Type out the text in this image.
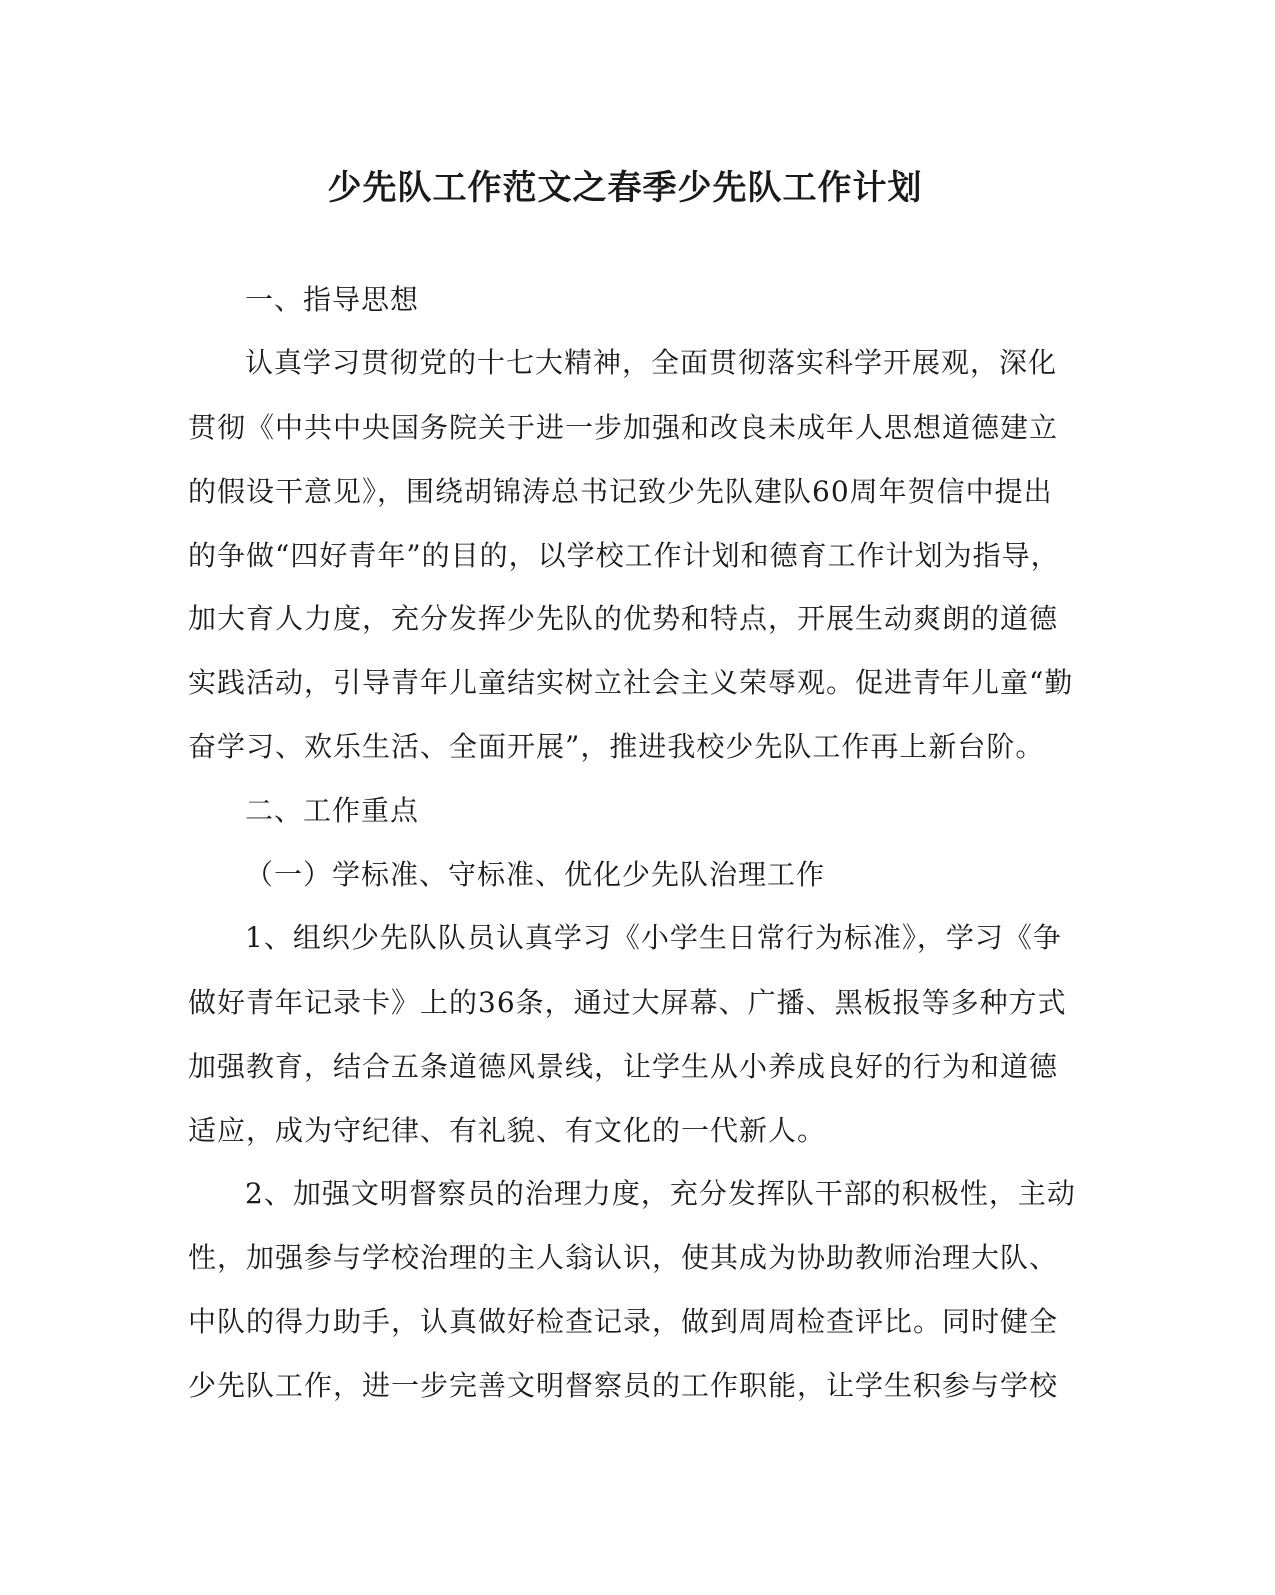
少先队工作范文之春季少先队工作计划
一、指导思想
认真学习贯彻党的十七大精神，全面贯彻落实科学开展观，深化
贯彻《中共中央国务院关于进一步加强和改良未成年人思想道德建立
的假设干意见》，围绕胡锦涛总书记致少先队建队60周年贺信中提出
的争做“四好青年”的目的，以学校工作计划和德育工作计划为指导，
加大育人力度，充分发挥少先队的优势和特点，开展生动爽朗的道德
实践活动，引导青年儿童结实树立社会主义荣辱观。促进青年儿童“勤
奋学习、欢乐生活、全面开展”，推进我校少先队工作再上新台阶。
二、工作重点
（一）学标准、守标准、优化少先队治理工作
1、组织少先队队员认真学习《小学生日常行为标准》，学习《争
做好青年记录卡》上的36条，通过大屏幕、广播、黑板报等多种方式
加强教育，结合五条道德风景线，让学生从小养成良好的行为和道德
适应，成为守纪律、有礼貌、有文化的一代新人。
2、加强文明督察员的治理力度，充分发挥队干部的积极性，主动
性，加强参与学校治理的主人翁认识，使其成为协助教师治理大队、
中队的得力助手，认真做好检查记录，做到周周检查评比。同时健全
少先队工作，进一步完善文明督察员的工作职能，让学生积参与学校
